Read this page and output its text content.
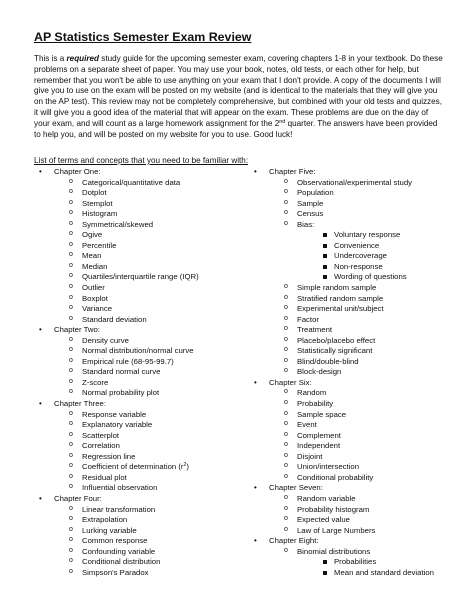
AP Statistics Semester Exam Review

This is a required study guide for the upcoming semester exam, covering chapters 1-8 in your textbook. Do these problems on a separate sheet of paper. You may use your book, notes, old tests, or each other for help, but remember that you won't be able to use anything on your exam that I don't provide. A copy of the documents I will give you to use on the exam will be posted on my website (and is identical to the materials that they will give you on the AP test). This review may not be completely comprehensive, but combined with your old tests and quizzes, it will give you a good idea of the material that will appear on the exam. These problems are due on the day of your exam, and will count as a large homework assignment for the 2nd quarter. The answers have been provided to help you, and will be posted on my website for you to use. Good luck!

List of terms and concepts that you need to be familiar with:

• Chapter One:
o Categorical/quantitative data
o Dotplot
o Stemplot
o Histogram
o Symmetrical/skewed
o Ogive
o Percentile
o Mean
o Median
o Quartiles/interquartile range (IQR)
o Outlier
o Boxplot
o Variance
o Standard deviation
• Chapter Two:
o Density curve
o Normal distribution/normal curve
o Empirical rule (68-95-99.7)
o Standard normal curve
o Z-score
o Normal probability plot
• Chapter Three:
o Response variable
o Explanatory variable
o Scatterplot
o Correlation
o Regression line
o Coefficient of determination $(r^2)$
o Residual plot
o Influential observation
• Chapter Four:
o Linear transformation
o Extrapolation
o Lurking variable
o Common response
o Confounding variable
o Conditional distribution
o Simpson's Paradox
• Chapter Five:
o Observational/experimental study
o Population
o Sample
o Census
o Bias:
Voluntary response
Convenience
Undercoverage
Non-response
Wording of questions
o Simple random sample
o Stratified random sample
o Experimental unit/subject
o Factor
o Treatment
o Placebo/placebo effect
o Statistically significant
o Blind/double-blind
o Block-design
• Chapter Six:
o Random
o Probability
o Sample space
o Event
o Complement
o Independent
o Disjoint
o Union/intersection
o Conditional probability
• Chapter Seven:
o Random variable
o Probability histogram
o Expected value
o Law of Large Numbers
• Chapter Eight:
o Binomial distributions
Probabilities
Mean and standard deviation
